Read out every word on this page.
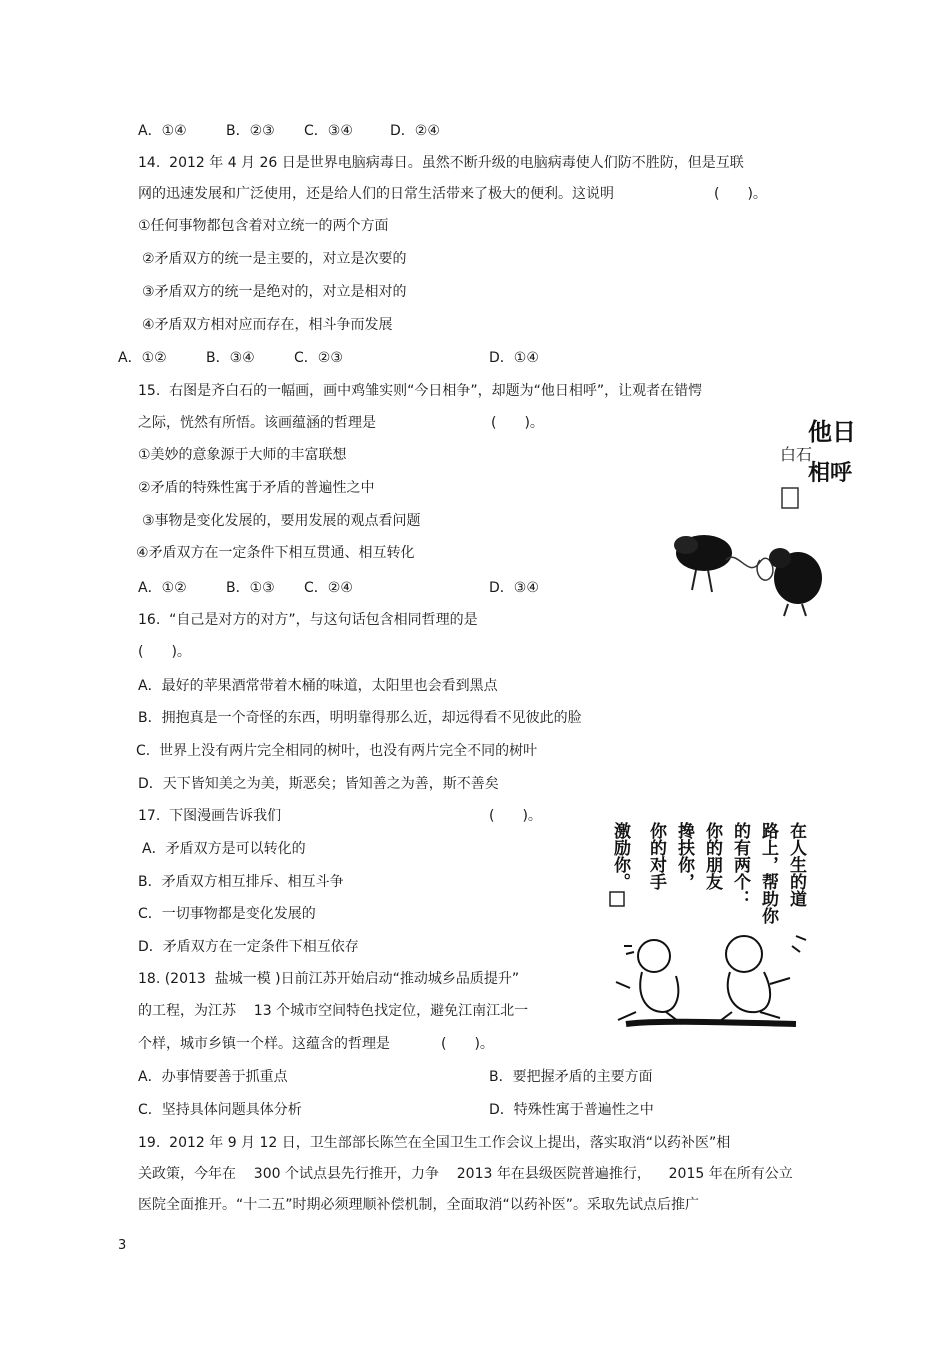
A．①④	B．②③ C．③④	D．②④
14.  2012 年 4 月 26 日是世界电脑病毒日。虽然不断升级的电脑病毒使人们防不胜防，但是互联
网的迅速发展和广泛使用，还是给人们的日常生活带来了极大的便利。这说明	(　　)。
①任何事物都包含着对立统一的两个方面
②矛盾双方的统一是主要的，对立是次要的
③矛盾双方的统一是绝对的，对立是相对的
④矛盾双方相对应而存在，相斗争而发展
A．①②	B．③④	C．②③	D．①④
15.  右图是齐白石的一幅画，画中鸡雏实则“今日相争”，却题为“他日相呼”，让观者在错愕
之际，恍然有所悟。该画蕴涵的哲理是	(　　)。
①美妙的意象源于大师的丰富联想
②矛盾的特殊性寓于矛盾的普遍性之中
③事物是变化发展的，要用发展的观点看问题
④矛盾双方在一定条件下相互贯通、相互转化
A．①②	B．①③ C．②④	D．③④
他日
相呼
白石
16.  “自己是对方的对方”，与这句话包含相同哲理的是
(　　)。
A．最好的苹果酒常带着木桶的味道，太阳里也会看到黑点
B．拥抱真是一个奇怪的东西，明明靠得那么近，却远得看不见彼此的脸
C.  世界上没有两片完全相同的树叶，也没有两片完全不同的树叶
D．天下皆知美之为美，斯恶矣；皆知善之为善，斯不善矣
17.  下图漫画告诉我们	(　　)。
A．矛盾双方是可以转化的
B．矛盾双方相互排斥、相互斗争
C．一切事物都是变化发展的
D．矛盾双方在一定条件下相互依存
在人生的道
路上，帮助你
的有两个：
你的朋友
搀扶你，
你的对手
激励你。
18. (2013  盐城一模 )日前江苏开始启动“推动城乡品质提升”
的工程，为江苏    13 个城市空间特色找定位，避免江南江北一
个样，城市乡镇一个样。这蕴含的哲理是	(　　)。
A．办事情要善于抓重点	B．要把握矛盾的主要方面
C．坚持具体问题具体分析	D．特殊性寓于普遍性之中
19.  2012 年 9 月 12 日，卫生部部长陈竺在全国卫生工作会议上提出，落实取消“以药补医”相
关政策，今年在    300 个试点县先行推开，力争    2013 年在县级医院普遍推行，    2015 年在所有公立
医院全面推开。“十二五”时期必须理顺补偿机制，全面取消“以药补医”。采取先试点后推广
3
